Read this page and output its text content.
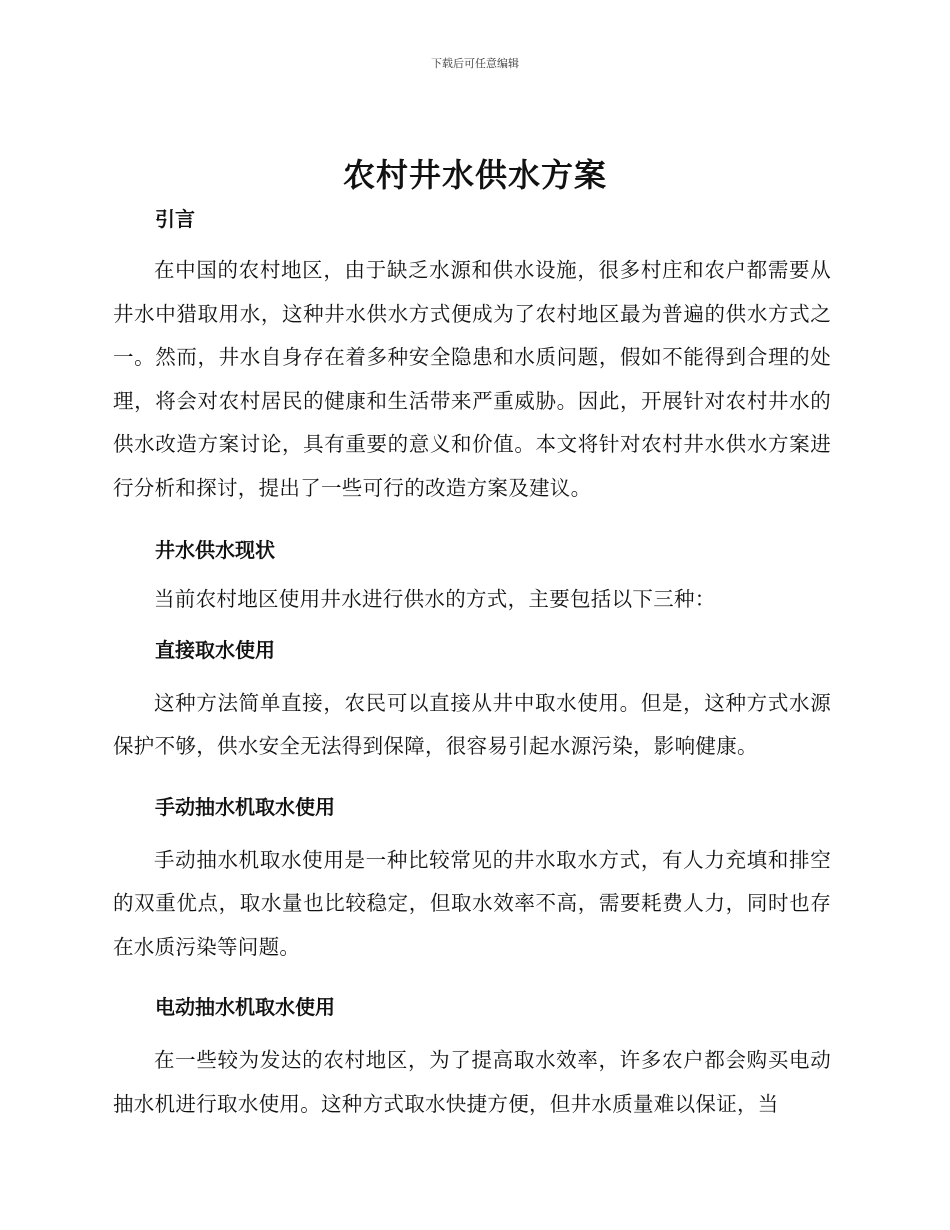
下载后可任意编辑
农村井水供水方案
引言

在中国的农村地区，由于缺乏水源和供水设施，很多村庄和农户都需要从井水中猎取用水，这种井水供水方式便成为了农村地区最为普遍的供水方式之一。然而，井水自身存在着多种安全隐患和水质问题，假如不能得到合理的处理，将会对农村居民的健康和生活带来严重威胁。因此，开展针对农村井水的供水改造方案讨论，具有重要的意义和价值。本文将针对农村井水供水方案进行分析和探讨，提出了一些可行的改造方案及建议。

井水供水现状

当前农村地区使用井水进行供水的方式，主要包括以下三种：

直接取水使用

这种方法简单直接，农民可以直接从井中取水使用。但是，这种方式水源保护不够，供水安全无法得到保障，很容易引起水源污染，影响健康。

手动抽水机取水使用

手动抽水机取水使用是一种比较常见的井水取水方式，有人力充填和排空的双重优点，取水量也比较稳定，但取水效率不高，需要耗费人力，同时也存在水质污染等问题。

电动抽水机取水使用

在一些较为发达的农村地区，为了提高取水效率，许多农户都会购买电动抽水机进行取水使用。这种方式取水快捷方便，但井水质量难以保证，当
